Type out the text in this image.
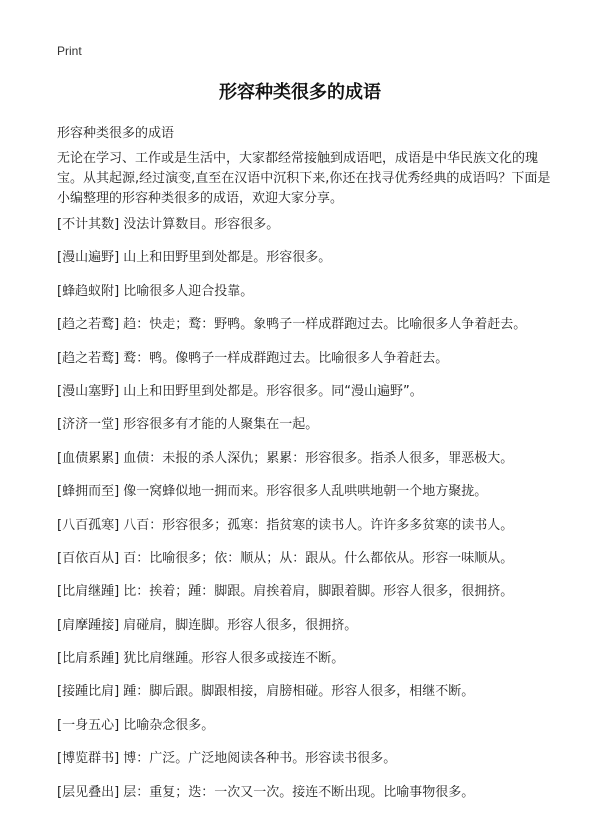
Print
形容种类很多的成语
形容种类很多的成语
无论在学习、工作或是生活中，大家都经常接触到成语吧，成语是中华民族文化的瑰宝。从其起源,经过演变,直至在汉语中沉积下来,你还在找寻优秀经典的成语吗？下面是小编整理的形容种类很多的成语，欢迎大家分享。
[不计其数] 没法计算数目。形容很多。
[漫山遍野] 山上和田野里到处都是。形容很多。
[蜂趋蚁附] 比喻很多人迎合投靠。
[趋之若鹜] 趋：快走；鹜：野鸭。象鸭子一样成群跑过去。比喻很多人争着赶去。
[趋之若鹜] 鹜：鸭。像鸭子一样成群跑过去。比喻很多人争着赶去。
[漫山塞野] 山上和田野里到处都是。形容很多。同“漫山遍野”。
[济济一堂] 形容很多有才能的人聚集在一起。
[血债累累] 血债：未报的杀人深仇；累累：形容很多。指杀人很多，罪恶极大。
[蜂拥而至] 像一窝蜂似地一拥而来。形容很多人乱哄哄地朝一个地方聚拢。
[八百孤寒] 八百：形容很多；孤寒：指贫寒的读书人。许许多多贫寒的读书人。
[百依百从] 百：比喻很多；依：顺从；从：跟从。什么都依从。形容一味顺从。
[比肩继踵] 比：挨着；踵：脚跟。肩挨着肩，脚跟着脚。形容人很多，很拥挤。
[肩摩踵接] 肩碰肩，脚连脚。形容人很多，很拥挤。
[比肩系踵] 犹比肩继踵。形容人很多或接连不断。
[接踵比肩] 踵：脚后跟。脚跟相接，肩膀相碰。形容人很多，相继不断。
[一身五心] 比喻杂念很多。
[博览群书] 博：广泛。广泛地阅读各种书。形容读书很多。
[层见叠出] 层：重复；迭：一次又一次。接连不断出现。比喻事物很多。
